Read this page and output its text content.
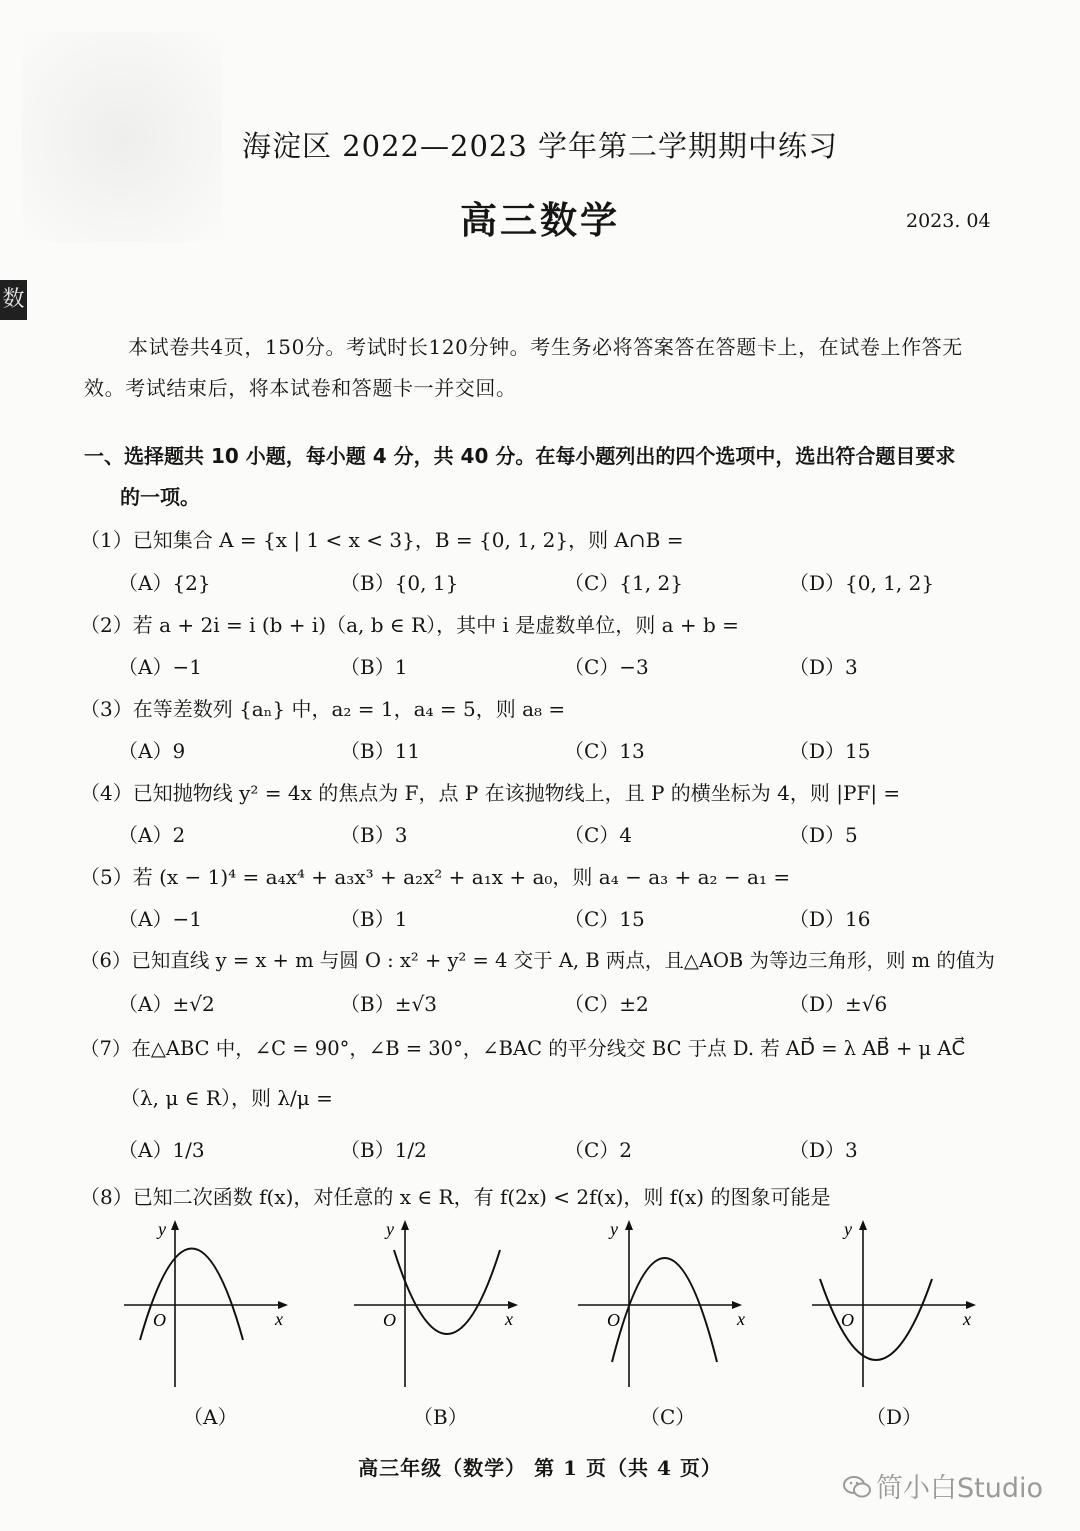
数
海淀区 2022—2023 学年第二学期期中练习
高三数学	2023. 04
本试卷共4页，150分。考试时长120分钟。考生务必将答案答在答题卡上，在试卷上作答无
效。考试结束后，将本试卷和答题卡一并交回。
一、选择题共 10 小题，每小题 4 分，共 40 分。在每小题列出的四个选项中，选出符合题目要求
的一项。
（1）已知集合 A = {x | 1 < x < 3}，B = {0, 1, 2}，则 A∩B =
（A）{2}	（B）{0, 1}	（C）{1, 2}	（D）{0, 1, 2}
（2）若 a + 2i = i (b + i)（a, b ∈ R），其中 i 是虚数单位，则 a + b =
（A）−1	（B）1	（C）−3	（D）3
（3）在等差数列 {aₙ} 中，a₂ = 1，a₄ = 5，则 a₈ =
（A）9	（B）11	（C）13	（D）15
（4）已知抛物线 y² = 4x 的焦点为 F，点 P 在该抛物线上，且 P 的横坐标为 4，则 |PF| =
（A）2	（B）3	（C）4	（D）5
（5）若 (x − 1)⁴ = a₄x⁴ + a₃x³ + a₂x² + a₁x + a₀，则 a₄ − a₃ + a₂ − a₁ =
（A）−1	（B）1	（C）15	（D）16
（6）已知直线 y = x + m 与圆 O : x² + y² = 4 交于 A, B 两点，且△AOB 为等边三角形，则 m 的值为
（A）±√2	（B）±√3	（C）±2	（D）±√6
（7）在△ABC 中，∠C = 90°，∠B = 30°，∠BAC 的平分线交 BC 于点 D. 若 AD⃗ = λ AB⃗ + μ AC⃗
（λ, μ ∈ R），则 λ/μ =
（A）1/3	（B）1/2	（C）2	（D）3
（8）已知二次函数 f(x)，对任意的 x ∈ R，有 f(2x) < 2f(x)，则 f(x) 的图象可能是
y
O	x
（A）
y
O	x
（B）
y
O	x
（C）
y
O	x
（D）
高三年级（数学） 第 1 页（共 4 页）
简小白Studio
